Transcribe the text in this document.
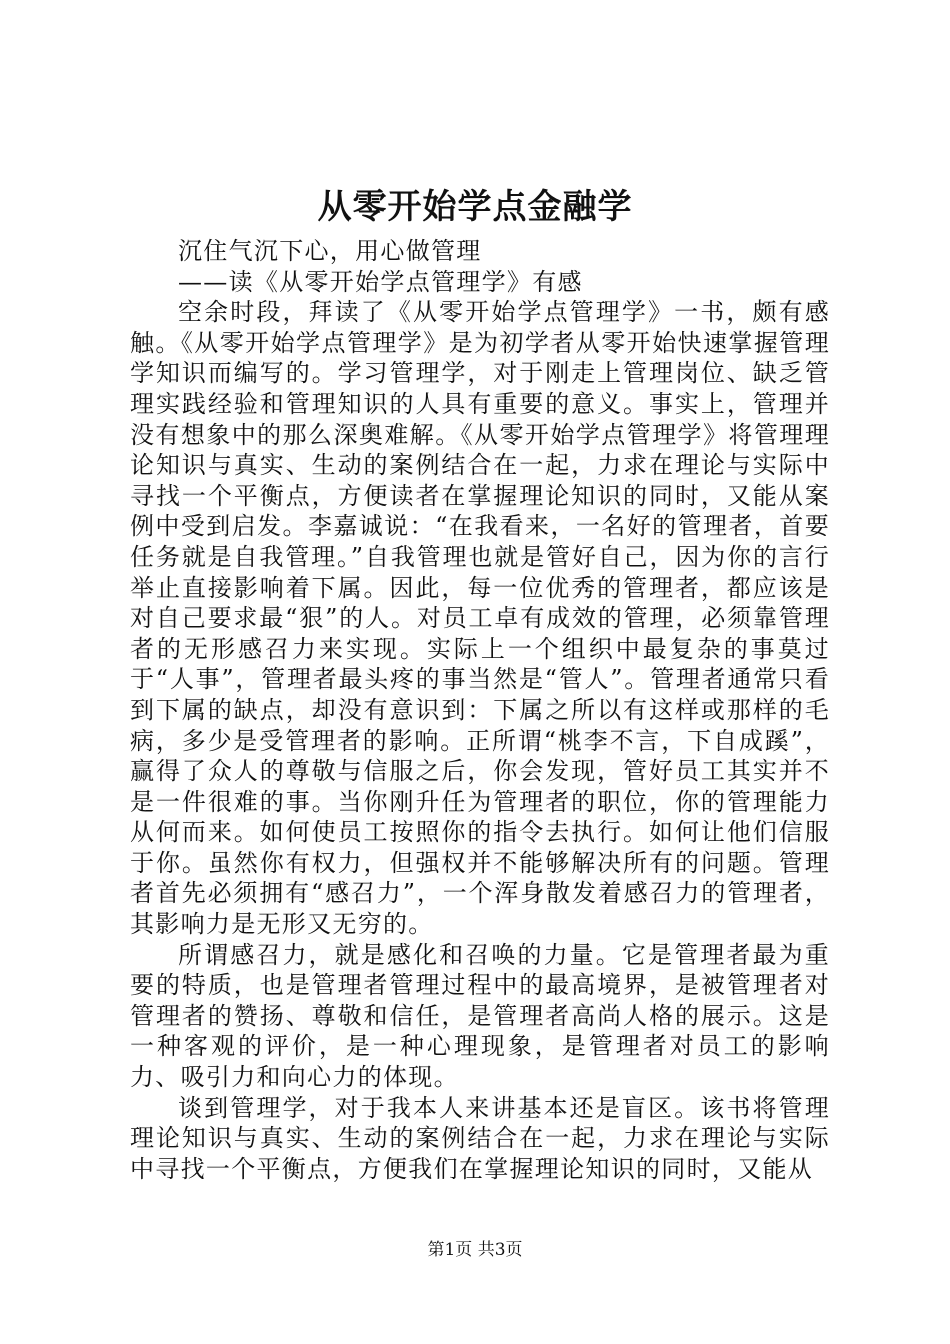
从零开始学点金融学

沉住气沉下心，用心做管理

——读《从零开始学点管理学》有感

空余时段，拜读了《从零开始学点管理学》一书，颇有感触。《从零开始学点管理学》是为初学者从零开始快速掌握管理学知识而编写的。学习管理学，对于刚走上管理岗位、缺乏管理实践经验和管理知识的人具有重要的意义。事实上，管理并没有想象中的那么深奥难解。《从零开始学点管理学》将管理理论知识与真实、生动的案例结合在一起，力求在理论与实际中寻找一个平衡点，方便读者在掌握理论知识的同时，又能从案例中受到启发。李嘉诚说：“在我看来，一名好的管理者，首要任务就是自我管理。”自我管理也就是管好自己，因为你的言行举止直接影响着下属。因此，每一位优秀的管理者，都应该是对自己要求最“狠”的人。对员工卓有成效的管理，必须靠管理者的无形感召力来实现。实际上一个组织中最复杂的事莫过于“人事”，管理者最头疼的事当然是“管人”。管理者通常只看到下属的缺点，却没有意识到：下属之所以有这样或那样的毛病，多少是受管理者的影响。正所谓“桃李不言，下自成蹊”，赢得了众人的尊敬与信服之后，你会发现，管好员工其实并不是一件很难的事。当你刚升任为管理者的职位，你的管理能力从何而来。如何使员工按照你的指令去执行。如何让他们信服于你。虽然你有权力，但强权并不能够解决所有的问题。管理者首先必须拥有“感召力”，一个浑身散发着感召力的管理者，其影响力是无形又无穷的。

所谓感召力，就是感化和召唤的力量。它是管理者最为重要的特质，也是管理者管理过程中的最高境界，是被管理者对管理者的赞扬、尊敬和信任，是管理者高尚人格的展示。这是一种客观的评价，是一种心理现象，是管理者对员工的影响力、吸引力和向心力的体现。

谈到管理学，对于我本人来讲基本还是盲区。该书将管理理论知识与真实、生动的案例结合在一起，力求在理论与实际中寻找一个平衡点，方便我们在掌握理论知识的同时，又能从

第1页 共3页
